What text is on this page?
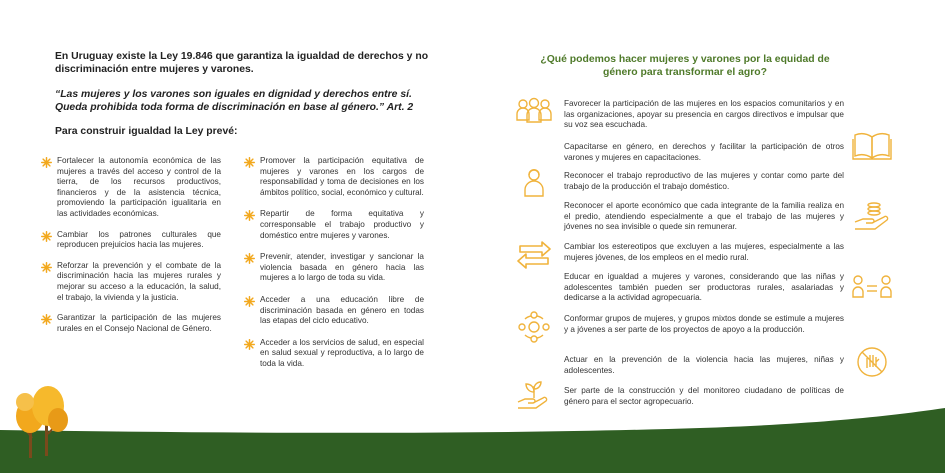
En Uruguay existe la Ley 19.846 que garantiza la igualdad de derechos y no discriminación entre mujeres y varones.

“Las mujeres y los varones son iguales en dignidad y derechos entre sí. Queda prohibida toda forma de discriminación en base al género.” Art. 2

Para construir igualdad la Ley prevé:

Fortalecer la autonomía económica de las mujeres a través del acceso y control de la tierra, de los recursos productivos, financieros y de la asistencia técnica, promoviendo la participación igualitaria en las actividades económicas.
Cambiar los patrones culturales que reproducen prejuicios hacia las mujeres.
Reforzar la prevención y el combate de la discriminación hacia las mujeres rurales y mejorar su acceso a la educación, la salud, el trabajo, la vivienda y la justicia.
Garantizar la participación de las mujeres rurales en el Consejo Nacional de Género.
Promover la participación equitativa de mujeres y varones en los cargos de responsabilidad y toma de decisiones en los ámbitos político, social, económico y cultural.
Repartir de forma equitativa y corresponsable el trabajo productivo y doméstico entre mujeres y varones.
Prevenir, atender, investigar y sancionar la violencia basada en género hacia las mujeres a lo largo de toda su vida.
Acceder a una educación libre de discriminación basada en género en todas las etapas del ciclo educativo.
Acceder a los servicios de salud, en especial en salud sexual y reproductiva, a lo largo de toda la vida.
¿Qué podemos hacer mujeres y varones por la equidad de género para transformar el agro?

Favorecer la participación de las mujeres en los espacios comunitarios y en las organizaciones, apoyar su presencia en cargos directivos e impulsar que su voz sea escuchada.

Capacitarse en género, en derechos y facilitar la participación de otros varones y mujeres en capacitaciones.

Reconocer el trabajo reproductivo de las mujeres y contar como parte del trabajo de la producción el trabajo doméstico.

Reconocer el aporte económico que cada integrante de la familia realiza en el predio, atendiendo especialmente a que el trabajo de las mujeres y jóvenes no sea invisible o quede sin remunerar.

Cambiar los estereotipos que excluyen a las mujeres, especialmente a las mujeres jóvenes, de los empleos en el medio rural.

Educar en igualdad a mujeres y varones, considerando que las niñas y adolescentes también pueden ser productoras rurales, asalariadas y dedicarse a la actividad agropecuaria.

Conformar grupos de mujeres, y grupos mixtos donde se estimule a mujeres y a jóvenes a ser parte de los proyectos de apoyo a la producción.

Actuar en la prevención de la violencia hacia las mujeres, niñas y adolescentes.

Ser parte de la construcción y del monitoreo ciudadano de políticas de género para el sector agropecuario.
